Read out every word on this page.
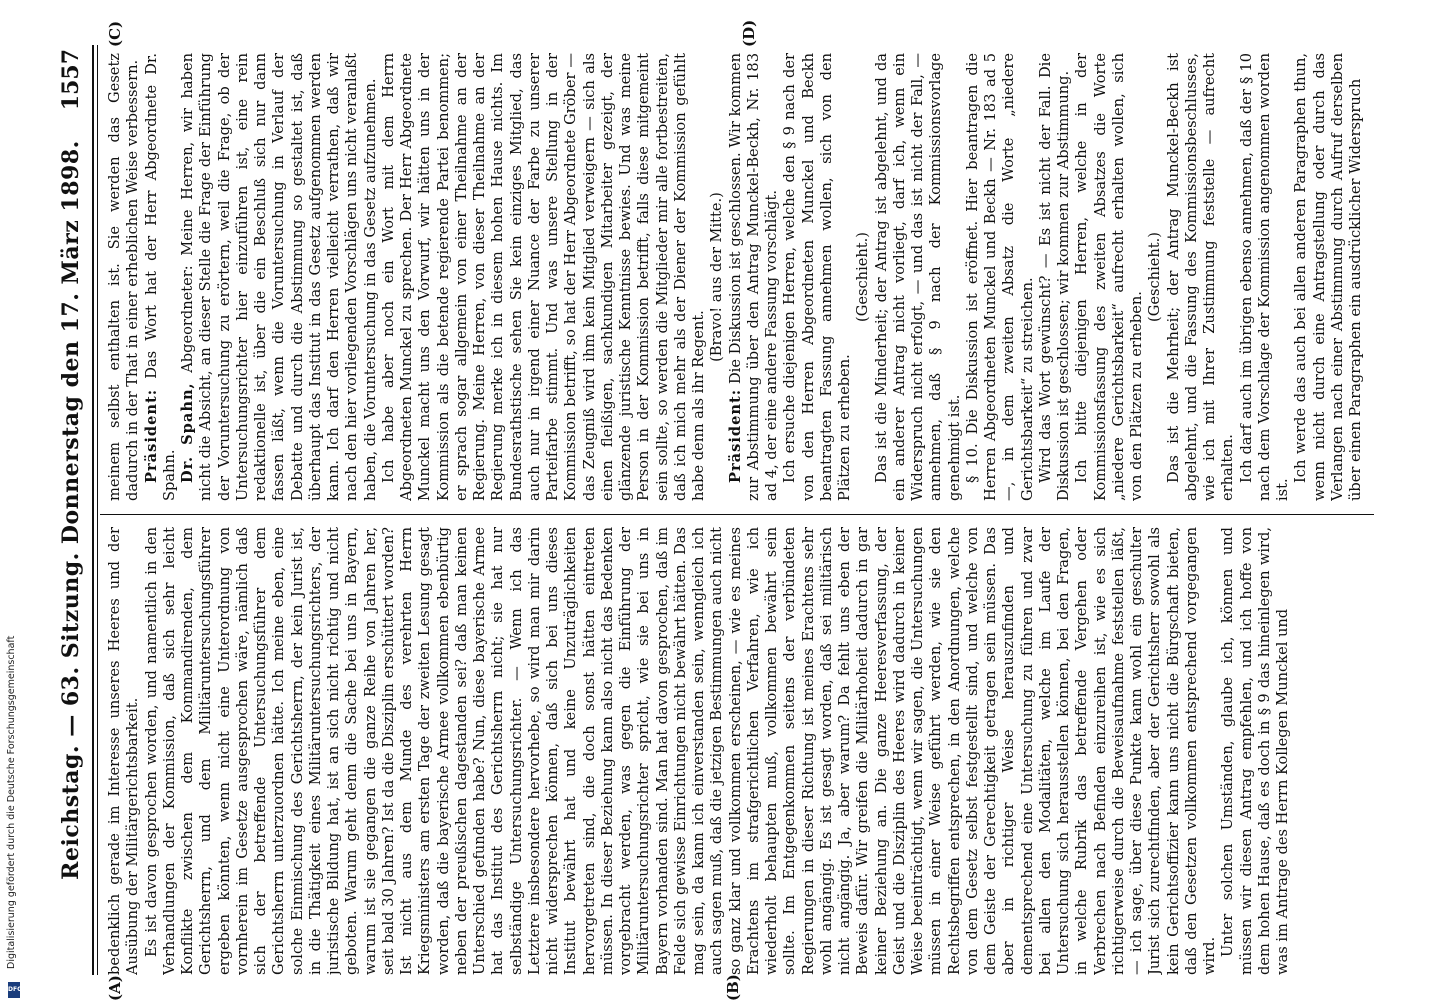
Reichstag. — 63. Sitzung. Donnerstag den 17. März 1898.
1557
(A)	(B)
(C)	(D)

bedenklich gerade im Interesse unseres Heeres und der Ausübung der Militärgerichtsbarkeit. Es ist davon gesprochen worden, und namentlich in den Verhandlungen der Kommission, daß sich sehr leicht Konflikte zwischen dem Kommandirenden, dem Gerichtsherrn, und dem Militäruntersuchungsführer ergeben könnten, wenn nicht eine Unterordnung von vornherein im Gesetze ausgesprochen wäre, nämlich daß sich der betreffende Untersuchungsführer dem Gerichtsherrn unterzuordnen hätte. Ich meine eben, eine solche Einmischung des Gerichtsherrn, der kein Jurist ist, in die Thätigkeit eines Militäruntersuchungsrichters, der juristische Bildung hat, ist an sich nicht richtig und nicht geboten. Warum geht denn die Sache bei uns in Bayern, warum ist sie gegangen die ganze Reihe von Jahren her, seit bald 30 Jahren? Ist da die Disziplin erschüttert worden? Ist nicht aus dem Munde des verehrten Herrn Kriegsministers am ersten Tage der zweiten Lesung gesagt worden, daß die bayerische Armee vollkommen ebenbürtig neben der preußischen dagestanden sei? daß man keinen Unterschied gefunden habe? Nun, diese bayerische Armee hat das Institut des Gerichtsherrn nicht; sie hat nur selbständige Untersuchungsrichter. — Wenn ich das Letztere insbesondere hervorhebe, so wird man mir darin nicht widersprechen können, daß sich bei uns dieses Institut bewährt hat und keine Unzuträglichkeiten hervorgetreten sind, die doch sonst hätten eintreten müssen. In dieser Beziehung kann also nicht das Bedenken vorgebracht werden, was gegen die Einführung der Militäruntersuchungsrichter spricht, wie sie bei uns in Bayern vorhanden sind. Man hat davon gesprochen, daß im Felde sich gewisse Einrichtungen nicht bewährt hätten. Das mag sein, da kann ich einverstanden sein, wenngleich ich auch sagen muß, daß die jetzigen Bestimmungen auch nicht so ganz klar und vollkommen erscheinen, — wie es meines Erachtens im strafgerichtlichen Verfahren, wie ich wiederholt behaupten muß, vollkommen bewährt sein sollte. Im Entgegenkommen seitens der verbündeten Regierungen in dieser Richtung ist meines Erachtens sehr wohl angängig. Es ist gesagt worden, daß sei militärisch nicht angängig. Ja, aber warum? Da fehlt uns eben der Beweis dafür. Wir greifen die Militärhoheit dadurch in gar keiner Beziehung an. Die ganze Heeresverfassung, der Geist und die Disziplin des Heeres wird dadurch in keiner Weise beeinträchtigt, wenn wir sagen, die Untersuchungen müssen in einer Weise geführt werden, wie sie den Rechtsbegriffen entsprechen, in den Anordnungen, welche von dem Gesetz selbst festgestellt sind, und welche von dem Geiste der Gerechtigkeit getragen sein müssen. Das aber in richtiger Weise herauszufinden und dementsprechend eine Untersuchung zu führen und zwar bei allen den Modalitäten, welche im Laufe der Untersuchung sich herausstellen können, bei den Fragen, in welche Rubrik das betreffende Vergehen oder Verbrechen nach Befinden einzureihen ist, wie es sich richtigerweise durch die Beweisaufnahme feststellen läßt, — ich sage, über diese Punkte kann wohl ein geschulter Jurist sich zurechtfinden, aber der Gerichtsherr sowohl als kein Gerichtsoffizier kann uns nicht die Bürgschaft bieten, daß den Gesetzen vollkommen entsprechend vorgegangen wird. Unter solchen Umständen, glaube ich, können und müssen wir diesen Antrag empfehlen, und ich hoffe von dem hohen Hause, daß es doch in § 9 das hineinlegen wird, was im Antrage des Herrn Kollegen Munckel und

meinem selbst enthalten ist. Sie werden das Gesetz dadurch in der That in einer erheblichen Weise verbessern. Präsident: Das Wort hat der Herr Abgeordnete Dr. Spahn. Dr. Spahn, Abgeordneter: Meine Herren, wir haben nicht die Absicht, an dieser Stelle die Frage der Einführung der Voruntersuchung zu erörtern, weil die Frage, ob der Untersuchungsrichter hier einzuführen ist, eine rein redaktionelle ist, über die ein Beschluß sich nur dann fassen läßt, wenn die Voruntersuchung in Verlauf der Debatte und durch die Abstimmung so gestaltet ist, daß überhaupt das Institut in das Gesetz aufgenommen werden kann. Ich darf den Herren vielleicht verrathen, daß wir nach den hier vorliegenden Vorschlägen uns nicht veranlaßt haben, die Voruntersuchung in das Gesetz aufzunehmen. Ich habe aber noch ein Wort mit dem Herrn Abgeordneten Munckel zu sprechen. Der Herr Abgeordnete Munckel macht uns den Vorwurf, wir hätten uns in der Kommission als die betende regierende Partei benommen; er sprach sogar allgemein von einer Theilnahme an der Regierung. Meine Herren, von dieser Theilnahme an der Regierung merke ich in diesem hohen Hause nichts. Im Bundesrathstische sehen Sie kein einziges Mitglied, das auch nur in irgend einer Nuance der Farbe zu unserer Parteifarbe stimmt. Und was unsere Stellung in der Kommission betrifft, so hat der Herr Abgeordnete Gröber — das Zeugniß wird ihm kein Mitglied verweigern — sich als einen fleißigen, sachkundigen Mitarbeiter gezeigt, der glänzende juristische Kenntnisse bewies. Und was meine Person in der Kommission betrifft, falls diese mitgemeint sein sollte, so werden die Mitglieder mir alle fortbestreiten, daß ich mich mehr als der Diener der Kommission gefühlt habe denn als ihr Regent.

(Bravo! aus der Mitte.)

Präsident: Die Diskussion ist geschlossen. Wir kommen zur Abstimmung über den Antrag Munckel-Beckh, Nr. 183 ad 4, der eine andere Fassung vorschlägt. Ich ersuche diejenigen Herren, welche den § 9 nach der von den Herren Abgeordneten Munckel und Beckh beantragten Fassung annehmen wollen, sich von den Plätzen zu erheben.

(Geschieht.) Das ist die Minderheit; der Antrag ist abgelehnt, und da ein anderer Antrag nicht vorliegt, darf ich, wenn ein Widerspruch nicht erfolgt, — und das ist nicht der Fall, — annehmen, daß § 9 nach der Kommissionsvorlage genehmigt ist. § 10. Die Diskussion ist eröffnet. Hier beantragen die Herren Abgeordneten Munckel und Beckh — Nr. 183 ad 5 —, in dem zweiten Absatz die Worte „niedere Gerichtsbarkeit“ zu streichen. Wird das Wort gewünscht? — Es ist nicht der Fall. Die Diskussion ist geschlossen; wir kommen zur Abstimmung. Ich bitte diejenigen Herren, welche in der Kommissionsfassung des zweiten Absatzes die Worte „niedere Gerichtsbarkeit“ aufrecht erhalten wollen, sich von den Plätzen zu erheben.

(Geschieht.) Das ist die Mehrheit; der Antrag Munckel-Beckh ist abgelehnt, und die Fassung des Kommissionsbeschlusses, wie ich mit Ihrer Zustimmung feststelle — aufrecht erhalten. Ich darf auch im übrigen ebenso annehmen, daß der § 10 nach dem Vorschlage der Kommission angenommen worden ist.

Ich werde das auch bei allen anderen Paragraphen thun, wenn nicht durch eine Antragstellung oder durch das Verlangen nach einer Abstimmung durch Aufruf derselben über einen Paragraphen ein ausdrücklicher Widerspruch

Digitalisierung gefördert durch die Deutsche Forschungsgemeinschaft
DFG
